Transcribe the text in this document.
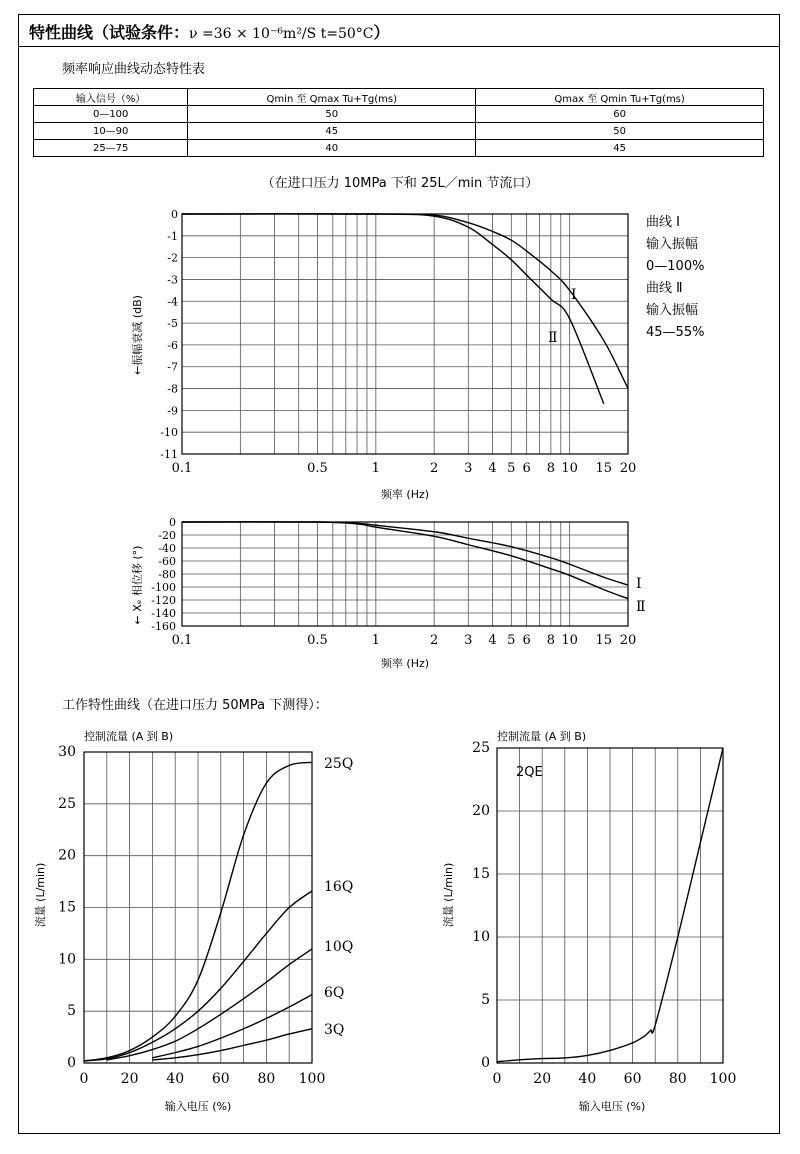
特性曲线（试验条件：ν =36 × 10⁻⁶m²/S t=50°C）
频率响应曲线动态特性表
输入信号（%）	Qmin 至 Qmax Tu+Tg(ms)	Qmax 至 Qmin Tu+Tg(ms)
0—100	50	60
10—90	45	50
25—75	40	45
（在进口压力 10MPa 下和 25L／min 节流口）
曲线 Ⅰ
输入振幅
0—100%
曲线 Ⅱ
输入振幅
45—55%
工作特性曲线（在进口压力 50MPa 下测得）：
0.1	0.5	1	2 3 4 5 6 8 10 15 20
0
-1
-2
-3
-4
-5
-6
-7
-8
-9
-10
-11
频率 (Hz)
←振幅衰减 (dB)
Ⅰ
Ⅱ
0.1	0.5	1	2 3 4 5 6 8 10 15 20
0
-20
-40
-60
-80
-100
-120
-140
-160
频率 (Hz)
← Xₑ 相位移 (°)	Ⅰ
Ⅱ
0 20 40 60 80 100
0
5
10
15
20
25
30
输入电压 (%)
流量 (L/min)
控制流量 (A 到 B)
25Q
16Q
10Q
6Q
3Q
0 20 40 60 80 100
0
5
10
15
20
25
输入电压 (%)
流量 (L/min)
控制流量 (A 到 B)
2QE
